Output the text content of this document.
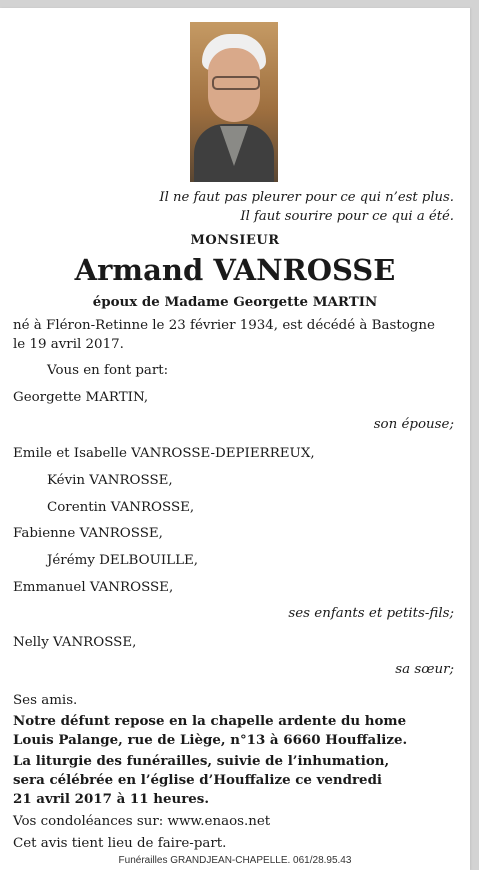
Il ne faut pas pleurer pour ce qui n’est plus.
Il faut sourire pour ce qui a été.
MONSIEUR
Armand VANROSSE
époux de Madame Georgette MARTIN
né à Fléron-Retinne le 23 février 1934, est décédé à Bastogne
le 19 avril 2017.
Vous en font part:
Georgette MARTIN,
son épouse;
Emile et Isabelle VANROSSE-DEPIERREUX,
Kévin VANROSSE,
Corentin VANROSSE,
Fabienne VANROSSE,
Jérémy DELBOUILLE,
Emmanuel VANROSSE,
ses enfants et petits-fils;
Nelly VANROSSE,
sa sœur;
Ses amis.
Notre défunt repose en la chapelle ardente du home
Louis Palange, rue de Liège, n°13 à 6660 Houffalize.
La liturgie des funérailles, suivie de l’inhumation,
sera célébrée en l’église d’Houffalize ce vendredi
21 avril 2017 à 11 heures.
Vos condoléances sur: www.enaos.net
Cet avis tient lieu de faire-part.
Funérailles GRANDJEAN-CHAPELLE. 061/28.95.43
